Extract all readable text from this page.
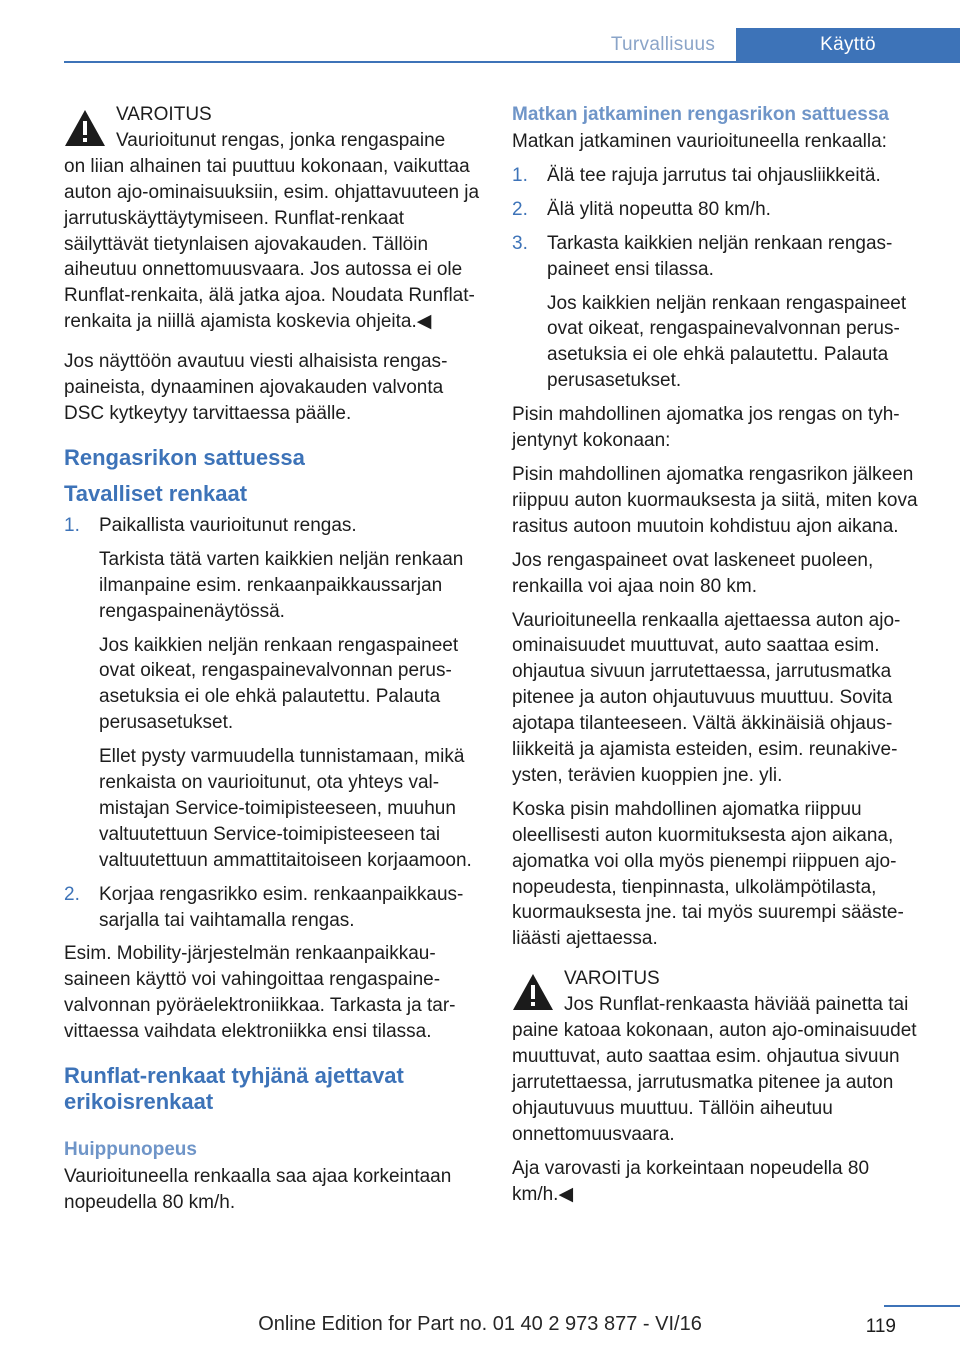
Turvallisuus	Käyttö
VAROITUS
Vaurioitunut rengas, jonka rengaspaine
on liian alhainen tai puuttuu kokonaan, vaikuttaa auton ajo-ominaisuuksiin, esim. ohjattavuuteen ja jarrutuskäyttäytymiseen. Runflat-renkaat säilyttävät tietynlaisen ajovakauden. Tällöin aiheutuu onnettomuusvaara. Jos autossa ei ole Runflat-renkaita, älä jatka ajoa. Noudata Runflat-renkaita ja niillä ajamista koskevia ohjeita.◀

Jos näyttöön avautuu viesti alhaisista rengaspaineista, dynaaminen ajovakauden valvonta DSC kytkeytyy tarvittaessa päälle.

Rengasrikon sattuessa
Tavalliset renkaat
1. Paikallista vaurioitunut rengas.

Tarkista tätä varten kaikkien neljän renkaan ilmanpaine esim. renkaanpaikkaussarjan rengaspainenäytössä.

Jos kaikkien neljän renkaan rengaspaineet ovat oikeat, rengaspainevalvonnan perusasetuksia ei ole ehkä palautettu. Palauta perusasetukset.

Ellet pysty varmuudella tunnistamaan, mikä renkaista on vaurioitunut, ota yhteys valmistajan Service-toimipisteeseen, muuhun valtuutettuun Service-toimipisteeseen tai valtuutettuun ammattitaitoiseen korjaamoon.

2. Korjaa rengasrikko esim. renkaanpaikkaussarjalla tai vaihtamalla rengas.

Esim. Mobility-järjestelmän renkaanpaikkausaineen käyttö voi vahingoittaa rengaspainevalvonnan pyöräelektroniikkaa. Tarkasta ja tarvittaessa vaihdata elektroniikka ensi tilassa.

Runflat-renkaat tyhjänä ajettavat erikoisrenkaat
Huippunopeus

Vaurioituneella renkaalla saa ajaa korkeintaan nopeudella 80 km/h.

Matkan jatkaminen rengasrikon sattuessa

Matkan jatkaminen vaurioituneella renkaalla:

1. Älä tee rajuja jarrutus tai ohjausliikkeitä.

2. Älä ylitä nopeutta 80 km/h.

3. Tarkasta kaikkien neljän renkaan rengaspaineet ensi tilassa.

Jos kaikkien neljän renkaan rengaspaineet ovat oikeat, rengaspainevalvonnan perusasetuksia ei ole ehkä palautettu. Palauta perusasetukset.

Pisin mahdollinen ajomatka jos rengas on tyhjentynyt kokonaan:

Pisin mahdollinen ajomatka rengasrikon jälkeen riippuu auton kuormauksesta ja siitä, miten kova rasitus autoon muutoin kohdistuu ajon aikana.

Jos rengaspaineet ovat laskeneet puoleen, renkailla voi ajaa noin 80 km.

Vaurioituneella renkaalla ajettaessa auton ajo-ominaisuudet muuttuvat, auto saattaa esim. ohjautua sivuun jarrutettaessa, jarrutusmatka pitenee ja auton ohjautuvuus muuttuu. Sovita ajotapa tilanteeseen. Vältä äkkinäisiä ohjausliikkeitä ja ajamista esteiden, esim. reunakiveysten, terävien kuoppien jne. yli.

Koska pisin mahdollinen ajomatka riippuu oleellisesti auton kuormituksesta ajon aikana, ajomatka voi olla myös pienempi riippuen ajonopeudesta, tienpinnasta, ulkolämpötilasta, kuormauksesta jne. tai myös suurempi säästeliäästi ajettaessa.

VAROITUS
Jos Runflat-renkaasta häviää painetta tai
paine katoaa kokonaan, auton ajo-ominaisuudet muuttuvat, auto saattaa esim. ohjautua sivuun jarrutettaessa, jarrutusmatka pitenee ja auton ohjautuvuus muuttuu. Tällöin aiheutuu onnettomuusvaara.

Aja varovasti ja korkeintaan nopeudella 80 km/h.◀

119
Online Edition for Part no. 01 40 2 973 877 - VI/16
